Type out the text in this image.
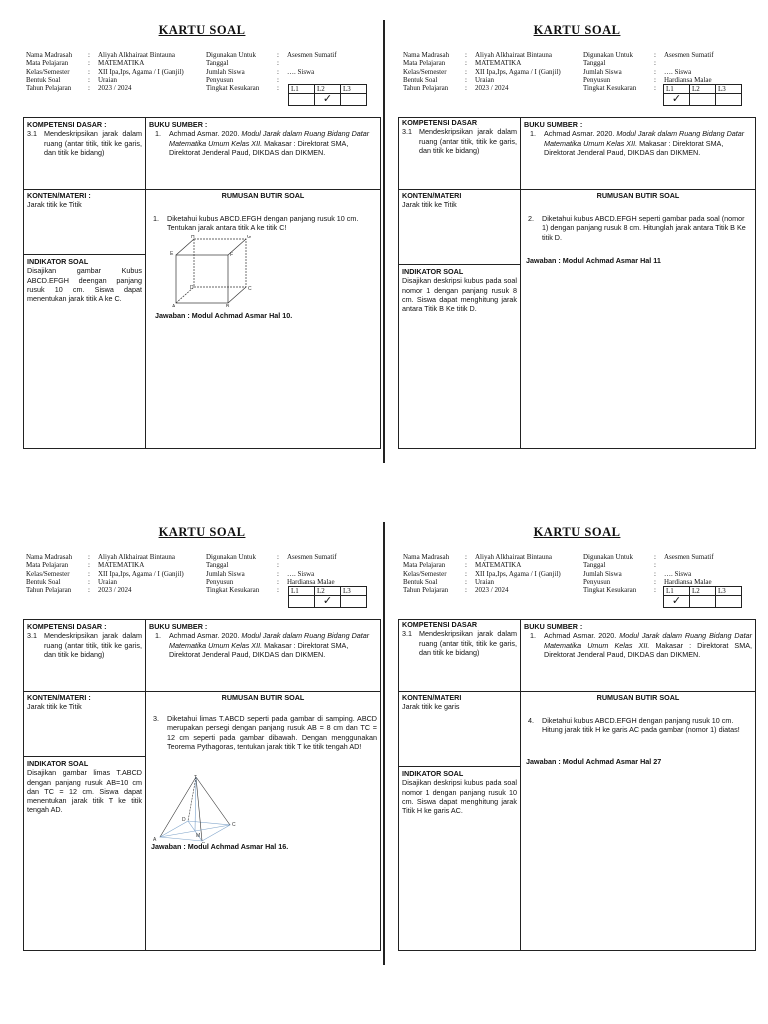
KARTU SOAL
Nama Madrasah	:	Aliyah Alkhairaat Bintauna
Mata Pelajaran	:	MATEMATIKA
Kelas/Semester	:	XII Ipa,Ips, Agama / I (Ganjil)
Bentuk Soal	:	Uraian
Tahun Pelajaran	:	2023 / 2024
Digunakan Untuk	:	Asesmen Sumatif
Tanggal	:
Jumlah Siswa	:	…. Siswa
Penyusun	:
Tingkat Kesukaran	:	L1	L2	L3
	✓	
KOMPETENSI DASAR :
3.1 Mendeskripsikan jarak dalam ruang (antar titik, titik ke garis, dan titik ke bidang)
KONTEN/MATERI :
Jarak titik ke Titik
INDIKATOR SOAL
Disajikan gambar Kubus ABCD.EFGH deengan panjang rusuk 10 cm. Siswa dapat menentukan jarak titik A ke C.
BUKU SUMBER :
1.	Achmad Asmar. 2020. Modul Jarak dalam Ruang Bidang Datar Matematika Umum Kelas XII. Makasar : Direktorat SMA, Direktorat Jenderal Paud, DIKDAS dan DIKMEN.
RUMUSAN BUTIR SOAL
1.	Diketahui kubus ABCD.EFGH dengan panjang rusuk 10 cm. Tentukan jarak antara titik A ke titik C!
H	G
E	F
D	C
A	B
Jawaban : Modul Achmad Asmar Hal 10.
KARTU SOAL
Nama Madrasah	:	Aliyah Alkhairaat Bintauna
Mata Pelajaran	:	MATEMATIKA
Kelas/Semester	:	XII Ipa,Ips, Agama / I (Ganjil)
Bentuk Soal	:	Uraian
Tahun Pelajaran	:	2023 / 2024
Digunakan Untuk	:	Asesmen Sumatif
Tanggal	:
Jumlah Siswa	:	…. Siswa
Penyusun	:	Hardiansa Malae
Tingkat Kesukaran	:	L1	L2	L3
✓		
KOMPETENSI DASAR
3.1 Mendeskripsikan jarak dalam ruang (antar titik, titik ke garis, dan titik ke bidang)
KONTEN/MATERI
Jarak titik ke Titik
INDIKATOR SOAL
Disajikan deskripsi kubus pada soal nomor 1 dengan panjang rusuk 8 cm. Siswa dapat menghitung jarak antara Titik B Ke titik D.
BUKU SUMBER :
1.	Achmad Asmar. 2020. Modul Jarak dalam Ruang Bidang Datar Matematika Umum Kelas XII. Makasar : Direktorat SMA, Direktorat Jenderal Paud, DIKDAS dan DIKMEN.
RUMUSAN BUTIR SOAL
2.	Diketahui kubus ABCD.EFGH seperti gambar pada soal (nomor 1) dengan panjang rusuk 8 cm. Hitunglah jarak antara Titik B Ke titik D.
Jawaban : Modul Achmad Asmar Hal 11
KARTU SOAL
Nama Madrasah	:	Aliyah Alkhairaat Bintauna
Mata Pelajaran	:	MATEMATIKA
Kelas/Semester	:	XII Ipa,Ips, Agama / I (Ganjil)
Bentuk Soal	:	Uraian
Tahun Pelajaran	:	2023 / 2024
Digunakan Untuk	:	Asesmen Sumatif
Tanggal	:
Jumlah Siswa	:	…. Siswa
Penyusun	:	Hardiansa Malae
Tingkat Kesukaran	:	L1	L2	L3
	✓	
KOMPETENSI DASAR :
3.1 Mendeskripsikan jarak dalam ruang (antar titik, titik ke garis, dan titik ke bidang)
KONTEN/MATERI :
Jarak titik ke Titik
INDIKATOR SOAL
Disajikan gambar limas T.ABCD dengan panjang rusuk AB=10 cm dan TC = 12 cm. Siswa dapat menentukan jarak titik T ke titik tengah AD.
BUKU SUMBER :
1.	Achmad Asmar. 2020. Modul Jarak dalam Ruang Bidang Datar Matematika Umum Kelas XII. Makasar : Direktorat SMA, Direktorat Jenderal Paud, DIKDAS dan DIKMEN.
RUMUSAN BUTIR SOAL
3.	Diketahui limas T.ABCD seperti pada gambar di samping. ABCD merupakan persegi dengan panjang rusuk AB = 8 cm dan TC = 12 cm seperti pada gambar dibawah. Dengan menggunakan Teorema Pythagoras, tentukan jarak titik T ke titik tengah AD!
T
D
C
A
M
Jawaban : Modul Achmad Asmar Hal 16.
KARTU SOAL
Nama Madrasah	:	Aliyah Alkhairaat Bintauna
Mata Pelajaran	:	MATEMATIKA
Kelas/Semester	:	XII Ipa,Ips, Agama / I (Ganjil)
Bentuk Soal	:	Uraian
Tahun Pelajaran	:	2023 / 2024
Digunakan Untuk	:	Asesmen Sumatif
Tanggal	:
Jumlah Siswa	:	…. Siswa
Penyusun	:	Hardiansa Malae
Tingkat Kesukaran	:	L1	L2	L3
✓		
KOMPETENSI DASAR
3.1 Mendeskripsikan jarak dalam ruang (antar titik, titik ke garis, dan titik ke bidang)
KONTEN/MATERI
Jarak titik ke garis
INDIKATOR SOAL
Disajikan deskripsi kubus pada soal nomor 1 dengan panjang rusuk 10 cm. Siswa dapat menghitung jarak Titik H ke garis AC.
BUKU SUMBER :
1.	Achmad Asmar. 2020. Modul Jarak dalam Ruang Bidang Datar Matematika Umum Kelas XII. Makasar : Direktorat SMA, Direktorat Jenderal Paud, DIKDAS dan DIKMEN.
RUMUSAN BUTIR SOAL
4.	Diketahui kubus ABCD.EFGH dengan panjang rusuk 10 cm. Hitung jarak titik H ke garis AC pada gambar (nomor 1) diatas!
Jawaban : Modul Achmad Asmar Hal 27
